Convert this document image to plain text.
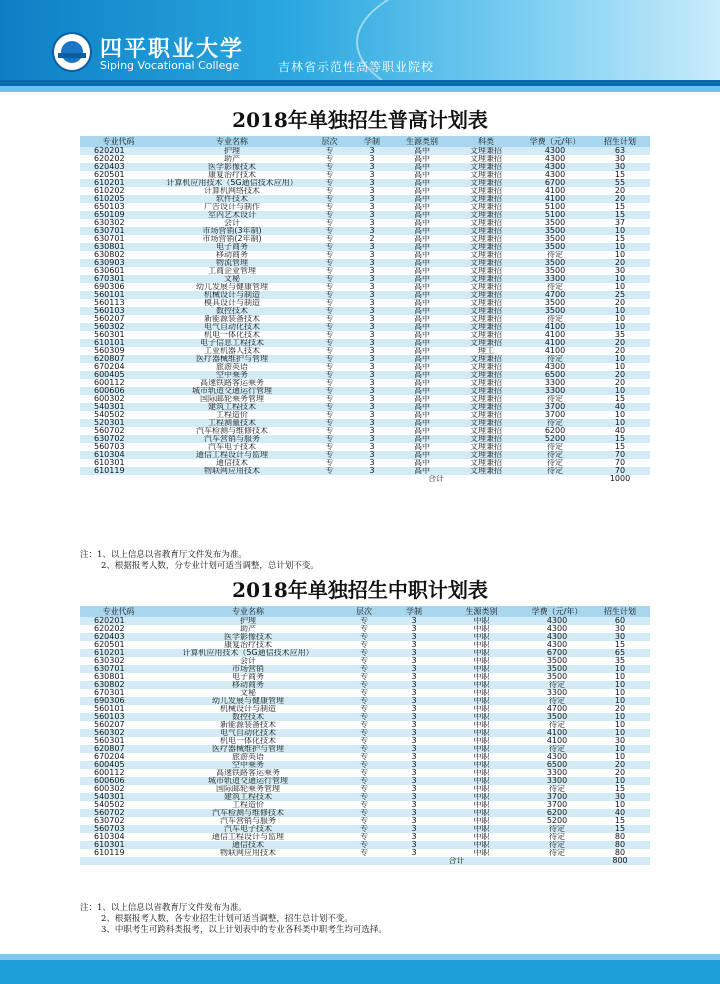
四平职业大学
Siping Vocational College	吉林省示范性高等职业院校
2018年单独招生普高计划表
专业代码	专业名称	层次	学制	生源类别	科类	学费（元/年）	招生计划
620201	护理	专	3	高中	文理兼招	4300	63
620202	助产	专	3	高中	文理兼招	4300	30
620403	医学影像技术	专	3	高中	文理兼招	4300	30
620501	康复治疗技术	专	3	高中	文理兼招	4300	15
610201	计算机应用技术（5G通信技术应用）	专	3	高中	文理兼招	6700	55
610202	计算机网络技术	专	3	高中	文理兼招	4100	20
610205	软件技术	专	3	高中	文理兼招	4100	20
650103	广告设计与制作	专	3	高中	文理兼招	5100	15
650109	室内艺术设计	专	3	高中	文理兼招	5100	15
630302	会计	专	3	高中	文理兼招	3500	37
630701	市场营销(3年制)	专	3	高中	文理兼招	3500	10
630701	市场营销(2年制)	专	2	高中	文理兼招	3500	15
630801	电子商务	专	3	高中	文理兼招	3500	10
630802	移动商务	专	3	高中	文理兼招	待定	10
630903	物流管理	专	3	高中	文理兼招	3500	20
630601	工商企业管理	专	3	高中	文理兼招	3500	30
670301	文秘	专	3	高中	文理兼招	3300	10
690306	幼儿发展与健康管理	专	3	高中	文理兼招	待定	10
560101	机械设计与制造	专	3	高中	文理兼招	4700	25
560113	模具设计与制造	专	3	高中	文理兼招	3500	20
560103	数控技术	专	3	高中	文理兼招	3500	10
560207	新能源装备技术	专	3	高中	文理兼招	待定	10
560302	电气自动化技术	专	3	高中	文理兼招	4100	10
560301	机电一体化技术	专	3	高中	文理兼招	4100	35
610101	电子信息工程技术	专	3	高中	文理兼招	4100	20
560309	工业机器人技术	专	3	高中	理工	4100	20
620807	医疗器械维护与管理	专	3	高中	文理兼招	待定	10
670204	旅游英语	专	3	高中	文理兼招	4300	10
600405	空中乘务	专	3	高中	文理兼招	6500	20
600112	高速铁路客运乘务	专	3	高中	文理兼招	3300	20
600606	城市轨道交通运行管理	专	3	高中	文理兼招	3300	10
600302	国际邮轮乘务管理	专	3	高中	文理兼招	待定	15
540301	建筑工程技术	专	3	高中	文理兼招	3700	40
540502	工程造价	专	3	高中	文理兼招	3700	10
520301	工程测量技术	专	3	高中	文理兼招	待定	10
560702	汽车检测与维修技术	专	3	高中	文理兼招	6200	40
630702	汽车营销与服务	专	3	高中	文理兼招	5200	15
560703	汽车电子技术	专	3	高中	文理兼招	待定	15
610304	通信工程设计与监理	专	3	高中	文理兼招	待定	70
610301	通信技术	专	3	高中	文理兼招	待定	70
610119	物联网应用技术	专	3	高中	文理兼招	待定	70
			合计				1000
注：1、以上信息以省教育厅文件发布为准。
2、根据报考人数，分专业计划可适当调整，总计划不变。
2018年单独招生中职计划表
专业代码	专业名称	层次	学制	生源类别	学费（元/年）	招生计划
620201	护理	专	3	中职	4300	60
620202	助产	专	3	中职	4300	30
620403	医学影像技术	专	3	中职	4300	30
620501	康复治疗技术	专	3	中职	4300	15
610201	计算机应用技术（5G通信技术应用）	专	3	中职	6700	65
630302	会计	专	3	中职	3500	35
630701	市场营销	专	3	中职	3500	10
630801	电子商务	专	3	中职	3500	10
630802	移动商务	专	3	中职	待定	10
670301	文秘	专	3	中职	3300	10
690306	幼儿发展与健康管理	专	3	中职	待定	10
560101	机械设计与制造	专	3	中职	4700	20
560103	数控技术	专	3	中职	3500	10
560207	新能源装备技术	专	3	中职	待定	10
560302	电气自动化技术	专	3	中职	4100	10
560301	机电一体化技术	专	3	中职	4100	30
620807	医疗器械维护与管理	专	3	中职	待定	10
670204	旅游英语	专	3	中职	4300	10
600405	空中乘务	专	3	中职	6500	20
600112	高速铁路客运乘务	专	3	中职	3300	20
600606	城市轨道交通运行管理	专	3	中职	3300	10
600302	国际邮轮乘务管理	专	3	中职	待定	15
540301	建筑工程技术	专	3	中职	3700	30
540502	工程造价	专	3	中职	3700	10
560702	汽车检测与维修技术	专	3	中职	6200	40
630702	汽车营销与服务	专	3	中职	5200	15
560703	汽车电子技术	专	3	中职	待定	15
610304	通信工程设计与监理	专	3	中职	待定	80
610301	通信技术	专	3	中职	待定	80
610119	物联网应用技术	专	3	中职	待定	80
			合计			800
注：1、以上信息以省教育厅文件发布为准。
2、根据报考人数，各专业招生计划可适当调整，招生总计划不变。
3、中职考生可跨科类报考，以上计划表中的专业各科类中职考生均可选择。
